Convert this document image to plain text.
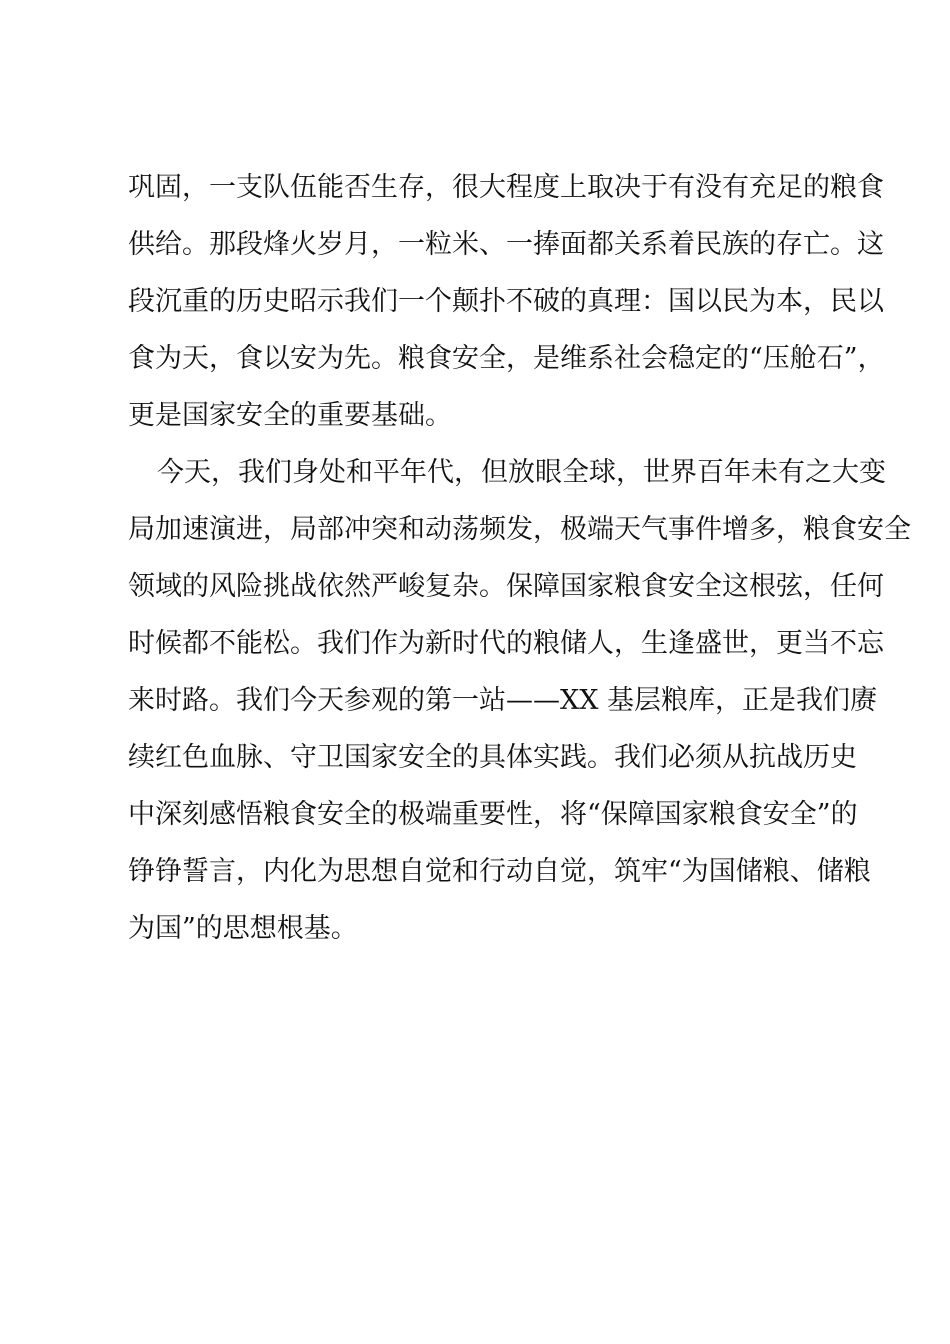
巩固，一支队伍能否生存，很大程度上取决于有没有充足的粮食
供给。那段烽火岁月，一粒米、一捧面都关系着民族的存亡。这
段沉重的历史昭示我们一个颠扑不破的真理：国以民为本，民以
食为天，食以安为先。粮食安全，是维系社会稳定的“压舱石”，
更是国家安全的重要基础。
今天，我们身处和平年代，但放眼全球，世界百年未有之大变
局加速演进，局部冲突和动荡频发，极端天气事件增多，粮食安全
领域的风险挑战依然严峻复杂。保障国家粮食安全这根弦，任何
时候都不能松。我们作为新时代的粮储人，生逢盛世，更当不忘
来时路。我们今天参观的第一站——XX 基层粮库，正是我们赓
续红色血脉、守卫国家安全的具体实践。我们必须从抗战历史
中深刻感悟粮食安全的极端重要性，将“保障国家粮食安全”的
铮铮誓言，内化为思想自觉和行动自觉，筑牢“为国储粮、储粮
为国”的思想根基。
